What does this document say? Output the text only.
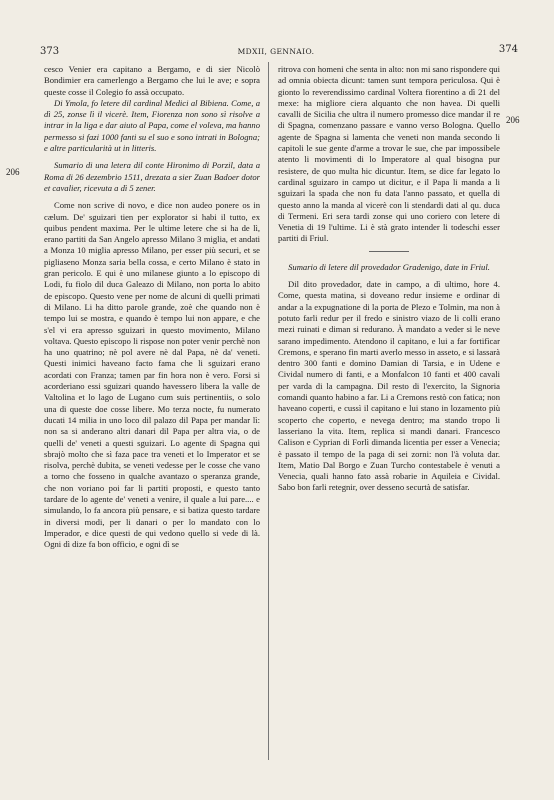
373	MDXII, GENNAIO.	374
206
206

cesco Venier era capitano a Bergamo, e di sier Nicolò Bondimier era camerlengo a Bergamo che lui le ave; e sopra queste cosse il Colegio fo assà occupato.

Di Ymola, fo letere dil cardinal Medici al Bibiena. Come, a dì 25, zonse lì il vicerè. Item, Fiorenza non sono sì risolve a intrar in la liga e dar aiuto al Papa, come el voleva, ma hanno permesso si fazi 1000 fanti su el suo e sono intrati in Bologna; e altre particularità ut in litteris.

Sumario di una letera dil conte Hironimo di Porzil, data a Roma di 26 dezembrio 1511, drezata a sier Zuan Badoer dotor et cavalier, ricevuta a dì 5 zener.

Come non scrive di novo, e dice non audeo ponere os in cælum. De' sguizari tien per explorator si habi il tutto, ex quibus pendent maxima. Per le ultime letere che si ha de lì, erano partiti da San Angelo apresso Milano 3 miglia, et andati a Monza 10 miglia apresso Milano, per esser più securi, et se pigliaseno Monza saria bella cossa, e certo Milano è stato in gran pericolo. E qui è uno milanese giunto a lo episcopo di Lodi, fu fiolo dil duca Galeazo di Milano, non porta lo abito de episcopo. Questo vene per nome de alcuni di quelli primati di Milano. Li ha ditto parole grande, zoè che quando non è tempo lui se mostra, e quando è tempo lui non appare, e che s'el vi era apresso sguizari in questo movimento, Milano voltava. Questo episcopo li rispose non poter venir perchè non ha uno quatrino; nè pol avere nè dal Papa, nè da' veneti. Questi inimici haveano facto fama che li sguizari erano acordati con Franza; tamen par fin hora non è vero. Forsi si acorderiano essi sguizari quando havessero libera la valle de Valtolina et lo lago de Lugano cum suis pertinentiis, o solo una di queste doe cosse libere. Mo terza nocte, fu numerato ducati 14 milia in uno loco dil palazo dil Papa per mandar lì: non sa si anderano altri danari dil Papa per altra via, o de quelli de' veneti a questi sguizari. Lo agente di Spagna qui sbrajò molto che sì faza pace tra veneti et lo Imperator et se risolva, perchè dubita, se veneti vedesse per le cosse che vano a torno che fosseno in qualche avantazo o speranza grande, che non voriano poi far li partiti proposti, e questo tanto tardare de lo agente de' veneti a venire, il quale a lui pare.... e simulando, lo fa ancora più pensare, e si batiza questo tardare in diversi modi, per li danari o per lo mandato con lo Imperador, e dice questi de qui vedono quello si vede di là. Ogni dì dize fa bon officio, e ogni dì se

ritrova con homeni che senta in alto: non mi sano rispondere qui ad omnia obiecta dicunt: tamen sunt tempora periculosa. Qui è gionto lo reverendissimo cardinal Voltera fiorentino a dì 21 del mexe: ha migliore ciera alquanto che non havea. Di quelli cavalli de Sicilia che ultra il numero promesso dice mandar il re di Spagna, comenzano passare e vanno verso Bologna. Quello agente de Spagna si lamenta che veneti non manda secondo li capitoli le sue gente d'arme a trovar le sue, che par impossibele atento li movimenti di lo Imperatore al qual bisogna pur resistere, de quo multa hic dicuntur. Item, se dice far legato lo cardinal sguizaro in campo ut dicitur, e il Papa li manda a li sguizari la spada che non fu data l'anno passato, et quella di questo anno la manda al vicerè con li stendardi dati al qu. duca di Termeni. Eri sera tardi zonse qui uno coriero con letere di Venetia di 19 l'ultime. Li è stà grato intender li todeschi esser partiti di Friul.

Sumario di letere dil provedador Gradenigo, date in Friul.

Dil dito provedador, date in campo, a dì ultimo, hore 4. Come, questa matina, si doveano redur insieme e ordinar di andar a la expugnatione di la porta de Plezo e Tolmin, ma non à potuto farli redur per il fredo e sinistro viazo de li colli erano mezi ruinati e diman si redurano. À mandato a veder si le neve sarano impedimento. Atendono il capitano, e lui a far fortifìcar Cremons, e sperano fin marti averlo messo in asseto, e si lassarà dentro 300 fanti e domino Damian di Tarsia, e in Udene e Cividal numero di fanti, e a Monfalcon 10 fanti et 400 cavali per varda di la campagna. Dil resto di l'exercito, la Signoria comandi quanto habino a far. Li a Cremons restò con fatica; non haveano coperti, e cussì il capitano e lui stano in lozamento più scoperto che coperto, e nevega dentro; ma stando tropo li lasseriano la vita. Item, replica si mandi danari. Francesco Calison e Cyprian di Forlì dimanda licentia per esser a Venecia; è passato il tempo de la paga di sei zorni: non l'à voluta dar. Item, Matio Dal Borgo e Zuan Turcho contestabele è venuti a Venecia, quali hanno fato assà robarie in Aquileia e Cividal. Sabo bon farli retegnir, over desseno securtà de satisfar.
